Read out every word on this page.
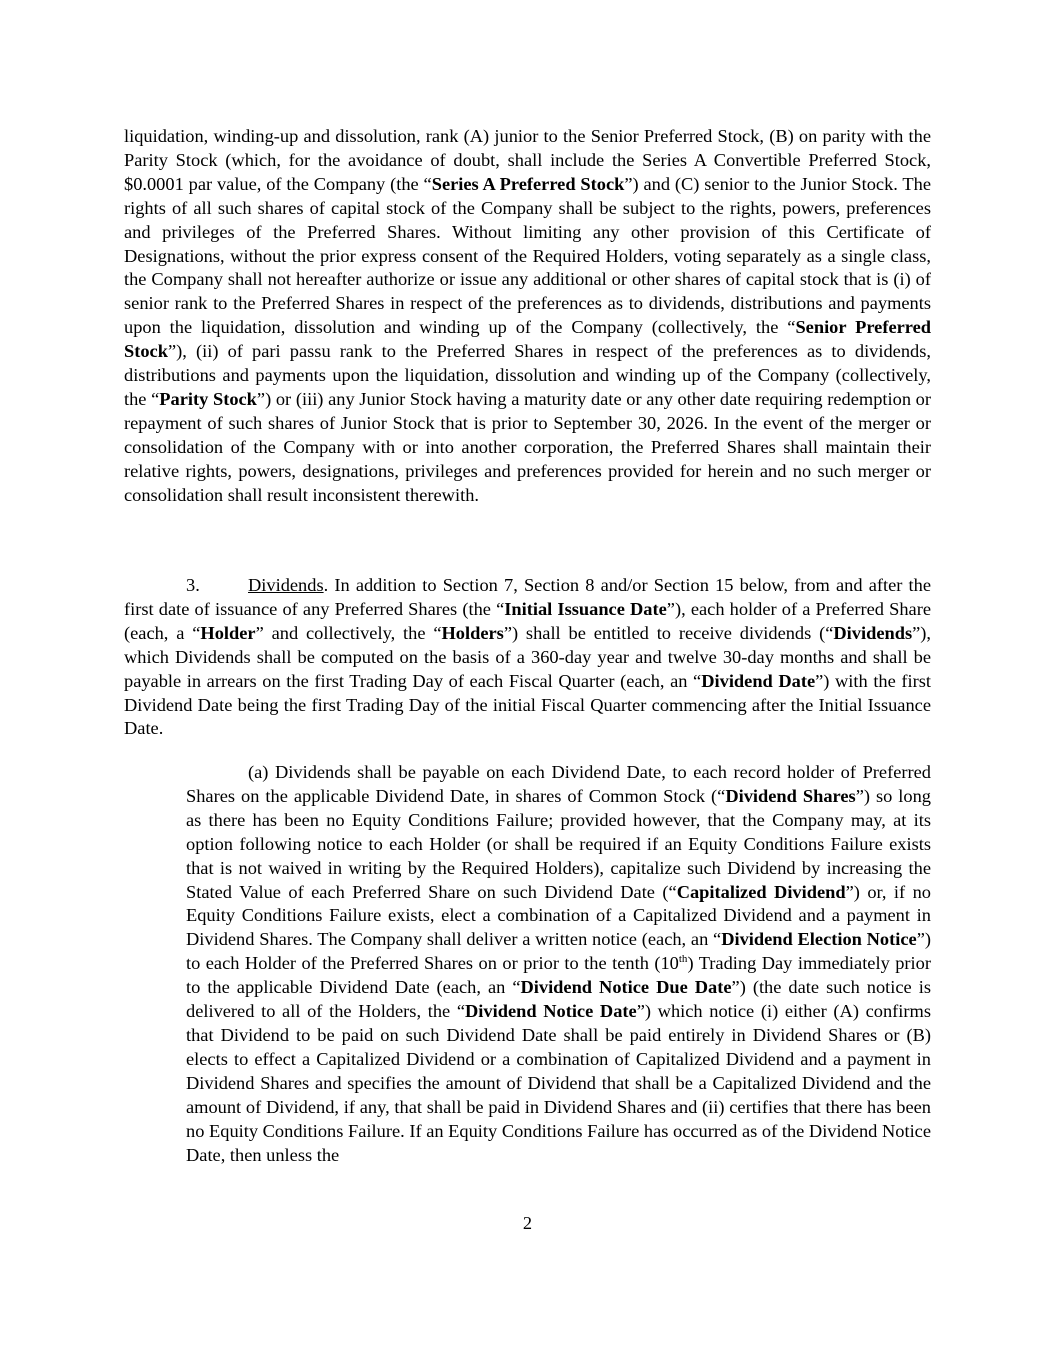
liquidation, winding-up and dissolution, rank (A) junior to the Senior Preferred Stock, (B) on parity with the Parity Stock (which, for the avoidance of doubt, shall include the Series A Convertible Preferred Stock, $0.0001 par value, of the Company (the “Series A Preferred Stock”) and (C) senior to the Junior Stock. The rights of all such shares of capital stock of the Company shall be subject to the rights, powers, preferences and privileges of the Preferred Shares. Without limiting any other provision of this Certificate of Designations, without the prior express consent of the Required Holders, voting separately as a single class, the Company shall not hereafter authorize or issue any additional or other shares of capital stock that is (i) of senior rank to the Preferred Shares in respect of the preferences as to dividends, distributions and payments upon the liquidation, dissolution and winding up of the Company (collectively, the “Senior Preferred Stock”), (ii) of pari passu rank to the Preferred Shares in respect of the preferences as to dividends, distributions and payments upon the liquidation, dissolution and winding up of the Company (collectively, the “Parity Stock”) or (iii) any Junior Stock having a maturity date or any other date requiring redemption or repayment of such shares of Junior Stock that is prior to September 30, 2026. In the event of the merger or consolidation of the Company with or into another corporation, the Preferred Shares shall maintain their relative rights, powers, designations, privileges and preferences provided for herein and no such merger or consolidation shall result inconsistent therewith.

3.	Dividends. In addition to Section 7, Section 8 and/or Section 15 below, from and after the first date of issuance of any Preferred Shares (the “Initial Issuance Date”), each holder of a Preferred Share (each, a “Holder” and collectively, the “Holders”) shall be entitled to receive dividends (“Dividends”), which Dividends shall be computed on the basis of a 360-day year and twelve 30-day months and shall be payable in arrears on the first Trading Day of each Fiscal Quarter (each, an “Dividend Date”) with the first Dividend Date being the first Trading Day of the initial Fiscal Quarter commencing after the Initial Issuance Date.

(a) Dividends shall be payable on each Dividend Date, to each record holder of Preferred Shares on the applicable Dividend Date, in shares of Common Stock (“Dividend Shares”) so long as there has been no Equity Conditions Failure; provided however, that the Company may, at its option following notice to each Holder (or shall be required if an Equity Conditions Failure exists that is not waived in writing by the Required Holders), capitalize such Dividend by increasing the Stated Value of each Preferred Share on such Dividend Date (“Capitalized Dividend”) or, if no Equity Conditions Failure exists, elect a combination of a Capitalized Dividend and a payment in Dividend Shares. The Company shall deliver a written notice (each, an “Dividend Election Notice”) to each Holder of the Preferred Shares on or prior to the tenth (10th) Trading Day immediately prior to the applicable Dividend Date (each, an “Dividend Notice Due Date”) (the date such notice is delivered to all of the Holders, the “Dividend Notice Date”) which notice (i) either (A) confirms that Dividend to be paid on such Dividend Date shall be paid entirely in Dividend Shares or (B) elects to effect a Capitalized Dividend or a combination of Capitalized Dividend and a payment in Dividend Shares and specifies the amount of Dividend that shall be a Capitalized Dividend and the amount of Dividend, if any, that shall be paid in Dividend Shares and (ii) certifies that there has been no Equity Conditions Failure. If an Equity Conditions Failure has occurred as of the Dividend Notice Date, then unless the

2
